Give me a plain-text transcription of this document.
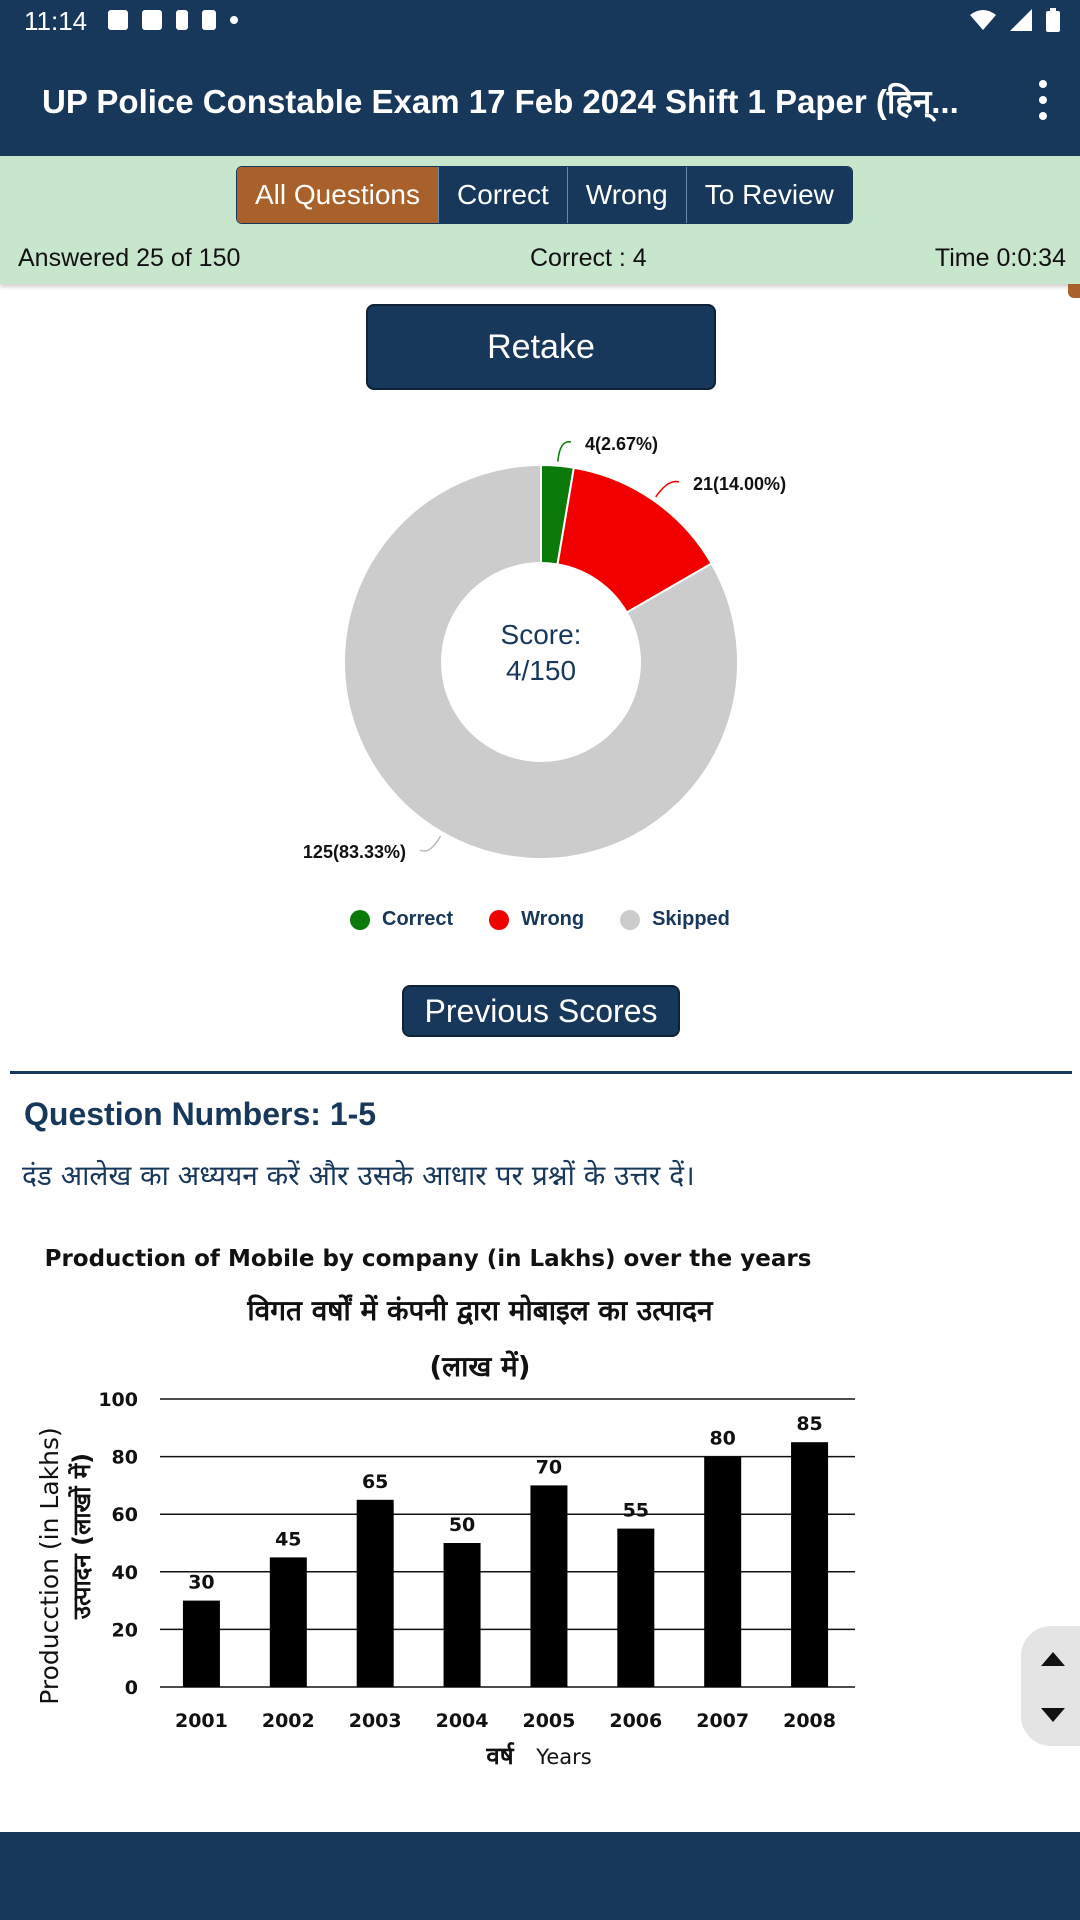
11:14
UP Police Constable Exam 17 Feb 2024 Shift 1 Paper (हिन्...
All Questions	Correct	Wrong	To Review
Answered 25 of 150	Correct : 4	Time 0:0:34
Retake
4(2.67%)
21(14.00%)
125(83.33%)
Score:
4/150
Correct	Wrong	Skipped
Previous Scores
Question Numbers: 1-5
दंड आलेख का अध्ययन करें और उसके आधार पर प्रश्नों के उत्तर दें।
Production of Mobile by company (in Lakhs) over the years
विगत वर्षों में कंपनी द्वारा मोबाइल का उत्पादन
(लाख में)
Producction (in Lakhs) उत्पादन (लाखों में)
0
20
40
60
80
100
30
45
65
50
70
55
80
85
2001 2002 2003 2004 2005 2006 2007 2008
वर्ष Years
